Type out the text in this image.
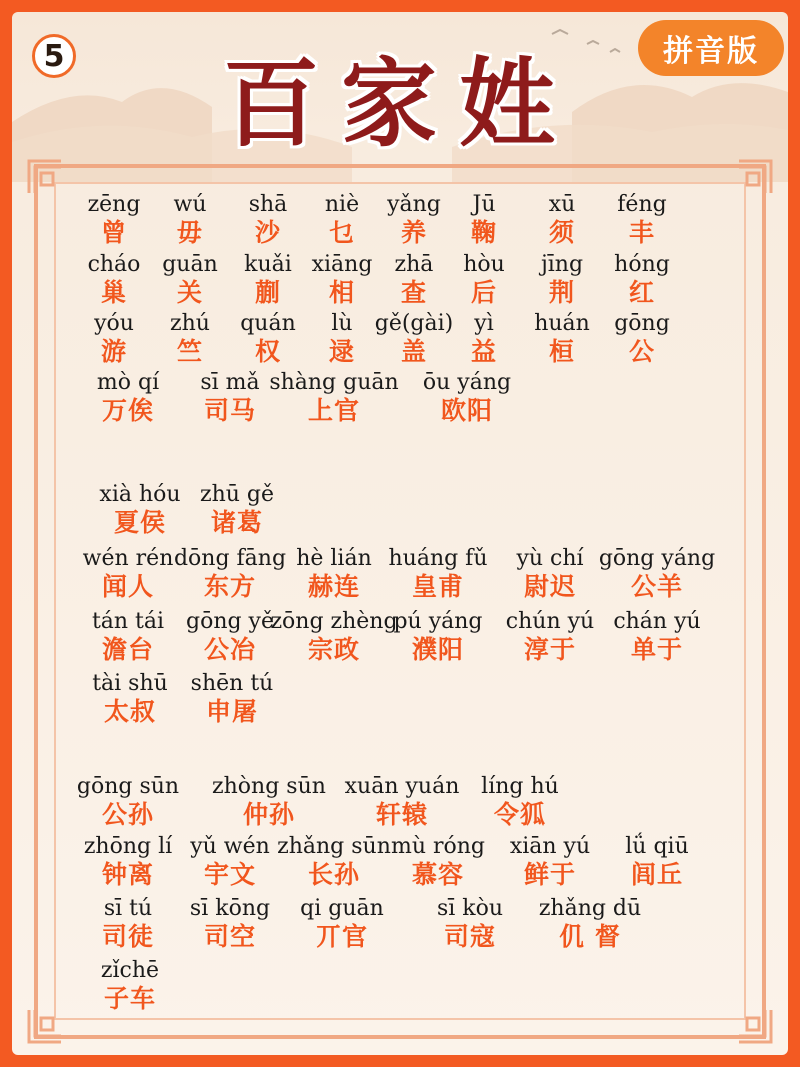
5	百家姓	拼音版
zēng
曾
wú
毋
shā
沙
niè
乜
yǎng
养
Jū
鞠
xū
须
féng
丰
cháo
巢
guān
关
kuǎi
蒯
xiāng
相
zhā
查
hòu
后
jīng
荆
hóng
红
yóu
游
zhú
竺
quán
权
lù
逯
gě(gài)
盖
yì
益
huán
桓
gōng
公
mò qí
万俟
sī mǎ
司马
shàng guān
上官
ōu yáng
欧阳
xià hóu
夏侯
zhū gě
诸葛
wén rén
闻人
dōng fāng
东方
hè lián
赫连
huáng fǔ
皇甫
yù chí
尉迟
gōng yáng
公羊
tán tái
澹台
gōng yě
公冶
zōng zhèng
宗政
pú yáng
濮阳
chún yú
淳于
chán yú
单于
tài shū
太叔
shēn tú
申屠
gōng sūn
公孙
zhòng sūn
仲孙
xuān yuán
轩辕
líng hú
令狐
zhōng lí
钟离
yǔ wén
宇文
zhǎng sūn
长孙
mù róng
慕容
xiān yú
鲜于
lǘ qiū
闾丘
sī tú
司徒
sī kōng
司空
qi guān
丌官
sī kòu
司寇
zhǎng dū
仉 督
zǐchē
子车
